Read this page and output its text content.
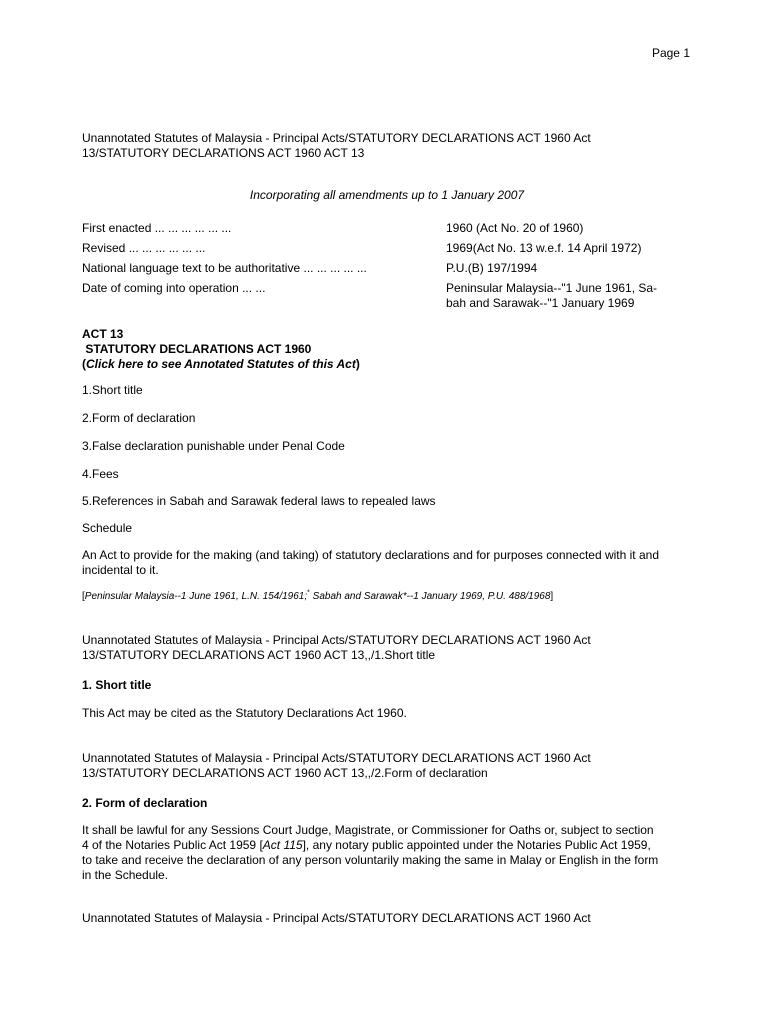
Page 1
Unannotated Statutes of Malaysia - Principal Acts/STATUTORY DECLARATIONS ACT 1960 Act
13/STATUTORY DECLARATIONS ACT 1960 ACT 13
Incorporating all amendments up to 1 January 2007
First enacted ... ... ... ... ... ...	1960 (Act No. 20 of 1960)
Revised ... ... ... ... ... ...	1969(Act No. 13 w.e.f. 14 April 1972)
National language text to be authoritative ... ... ... ... ...	P.U.(B) 197/1994
Date of coming into operation ... ...	Peninsular Malaysia--"1 June 1961, Sa-
bah and Sarawak--"1 January 1969
ACT 13
STATUTORY DECLARATIONS ACT 1960
(Click here to see Annotated Statutes of this Act)
1.Short title
2.Form of declaration
3.False declaration punishable under Penal Code
4.Fees
5.References in Sabah and Sarawak federal laws to repealed laws
Schedule
An Act to provide for the making (and taking) of statutory declarations and for purposes connected with it and
incidental to it.
[Peninsular Malaysia--1 June 1961, L.N. 154/1961;* Sabah and Sarawak*--1 January 1969, P.U. 488/1968]
Unannotated Statutes of Malaysia - Principal Acts/STATUTORY DECLARATIONS ACT 1960 Act
13/STATUTORY DECLARATIONS ACT 1960 ACT 13,,/1.Short title
1. Short title
This Act may be cited as the Statutory Declarations Act 1960.
Unannotated Statutes of Malaysia - Principal Acts/STATUTORY DECLARATIONS ACT 1960 Act
13/STATUTORY DECLARATIONS ACT 1960 ACT 13,,/2.Form of declaration
2. Form of declaration
It shall be lawful for any Sessions Court Judge, Magistrate, or Commissioner for Oaths or, subject to section
4 of the Notaries Public Act 1959 [Act 115], any notary public appointed under the Notaries Public Act 1959,
to take and receive the declaration of any person voluntarily making the same in Malay or English in the form
in the Schedule.
Unannotated Statutes of Malaysia - Principal Acts/STATUTORY DECLARATIONS ACT 1960 Act
